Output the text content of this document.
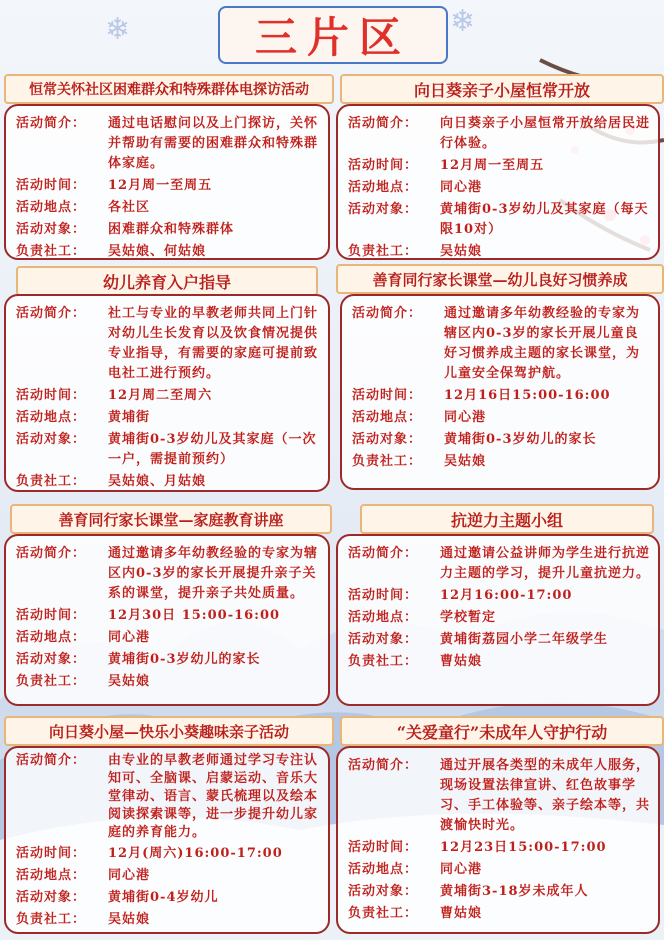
❄	❄
三片区
恒常关怀社区困难群众和特殊群体电探访活动
活动简介：	通过电话慰问以及上门探访，关怀并帮助有需要的困难群众和特殊群体家庭。
活动时间：	12月周一至周五
活动地点：	各社区
活动对象：	困难群众和特殊群体
负责社工：	吴姑娘、何姑娘
向日葵亲子小屋恒常开放
活动简介：	向日葵亲子小屋恒常开放给居民进行体验。
活动时间：	12月周一至周五
活动地点：	同心港
活动对象：	黄埔街0-3岁幼儿及其家庭（每天限10对）
负责社工：	吴姑娘
幼儿养育入户指导
活动简介：	社工与专业的早教老师共同上门针对幼儿生长发育以及饮食情况提供专业指导，有需要的家庭可提前致电社工进行预约。
活动时间：	12月周二至周六
活动地点：	黄埔街
活动对象：	黄埔街0-3岁幼儿及其家庭（一次一户，需提前预约）
负责社工：	吴姑娘、月姑娘
善育同行家长课堂—幼儿良好习惯养成
活动简介：	通过邀请多年幼教经验的专家为辖区内0-3岁的家长开展儿童良好习惯养成主题的家长课堂，为儿童安全保驾护航。
活动时间：	12月16日15:00-16:00
活动地点：	同心港
活动对象：	黄埔街0-3岁幼儿的家长
负责社工：	吴姑娘
善育同行家长课堂—家庭教育讲座
活动简介：	通过邀请多年幼教经验的专家为辖区内0-3岁的家长开展提升亲子关系的课堂，提升亲子共处质量。
活动时间：	12月30日 15:00-16:00
活动地点：	同心港
活动对象：	黄埔街0-3岁幼儿的家长
负责社工：	吴姑娘
抗逆力主题小组
活动简介：	通过邀请公益讲师为学生进行抗逆力主题的学习，提升儿童抗逆力。
活动时间：	12月16:00-17:00
活动地点：	学校暂定
活动对象：	黄埔街荔园小学二年级学生
负责社工：	曹姑娘
向日葵小屋—快乐小葵趣味亲子活动
活动简介：	由专业的早教老师通过学习专注认知可、全脑课、启蒙运动、音乐大堂律动、语言、蒙氏梳理以及绘本阅读探索课等，进一步提升幼儿家庭的养育能力。
活动时间：	12月(周六)16:00-17:00
活动地点：	同心港
活动对象：	黄埔街0-4岁幼儿
负责社工：	吴姑娘
“关爱童行”未成年人守护行动
活动简介：	通过开展各类型的未成年人服务，现场设置法律宣讲、红色故事学习、手工体验等、亲子绘本等，共渡愉快时光。
活动时间：	12月23日15:00-17:00
活动地点：	同心港
活动对象：	黄埔街3-18岁未成年人
负责社工：	曹姑娘
